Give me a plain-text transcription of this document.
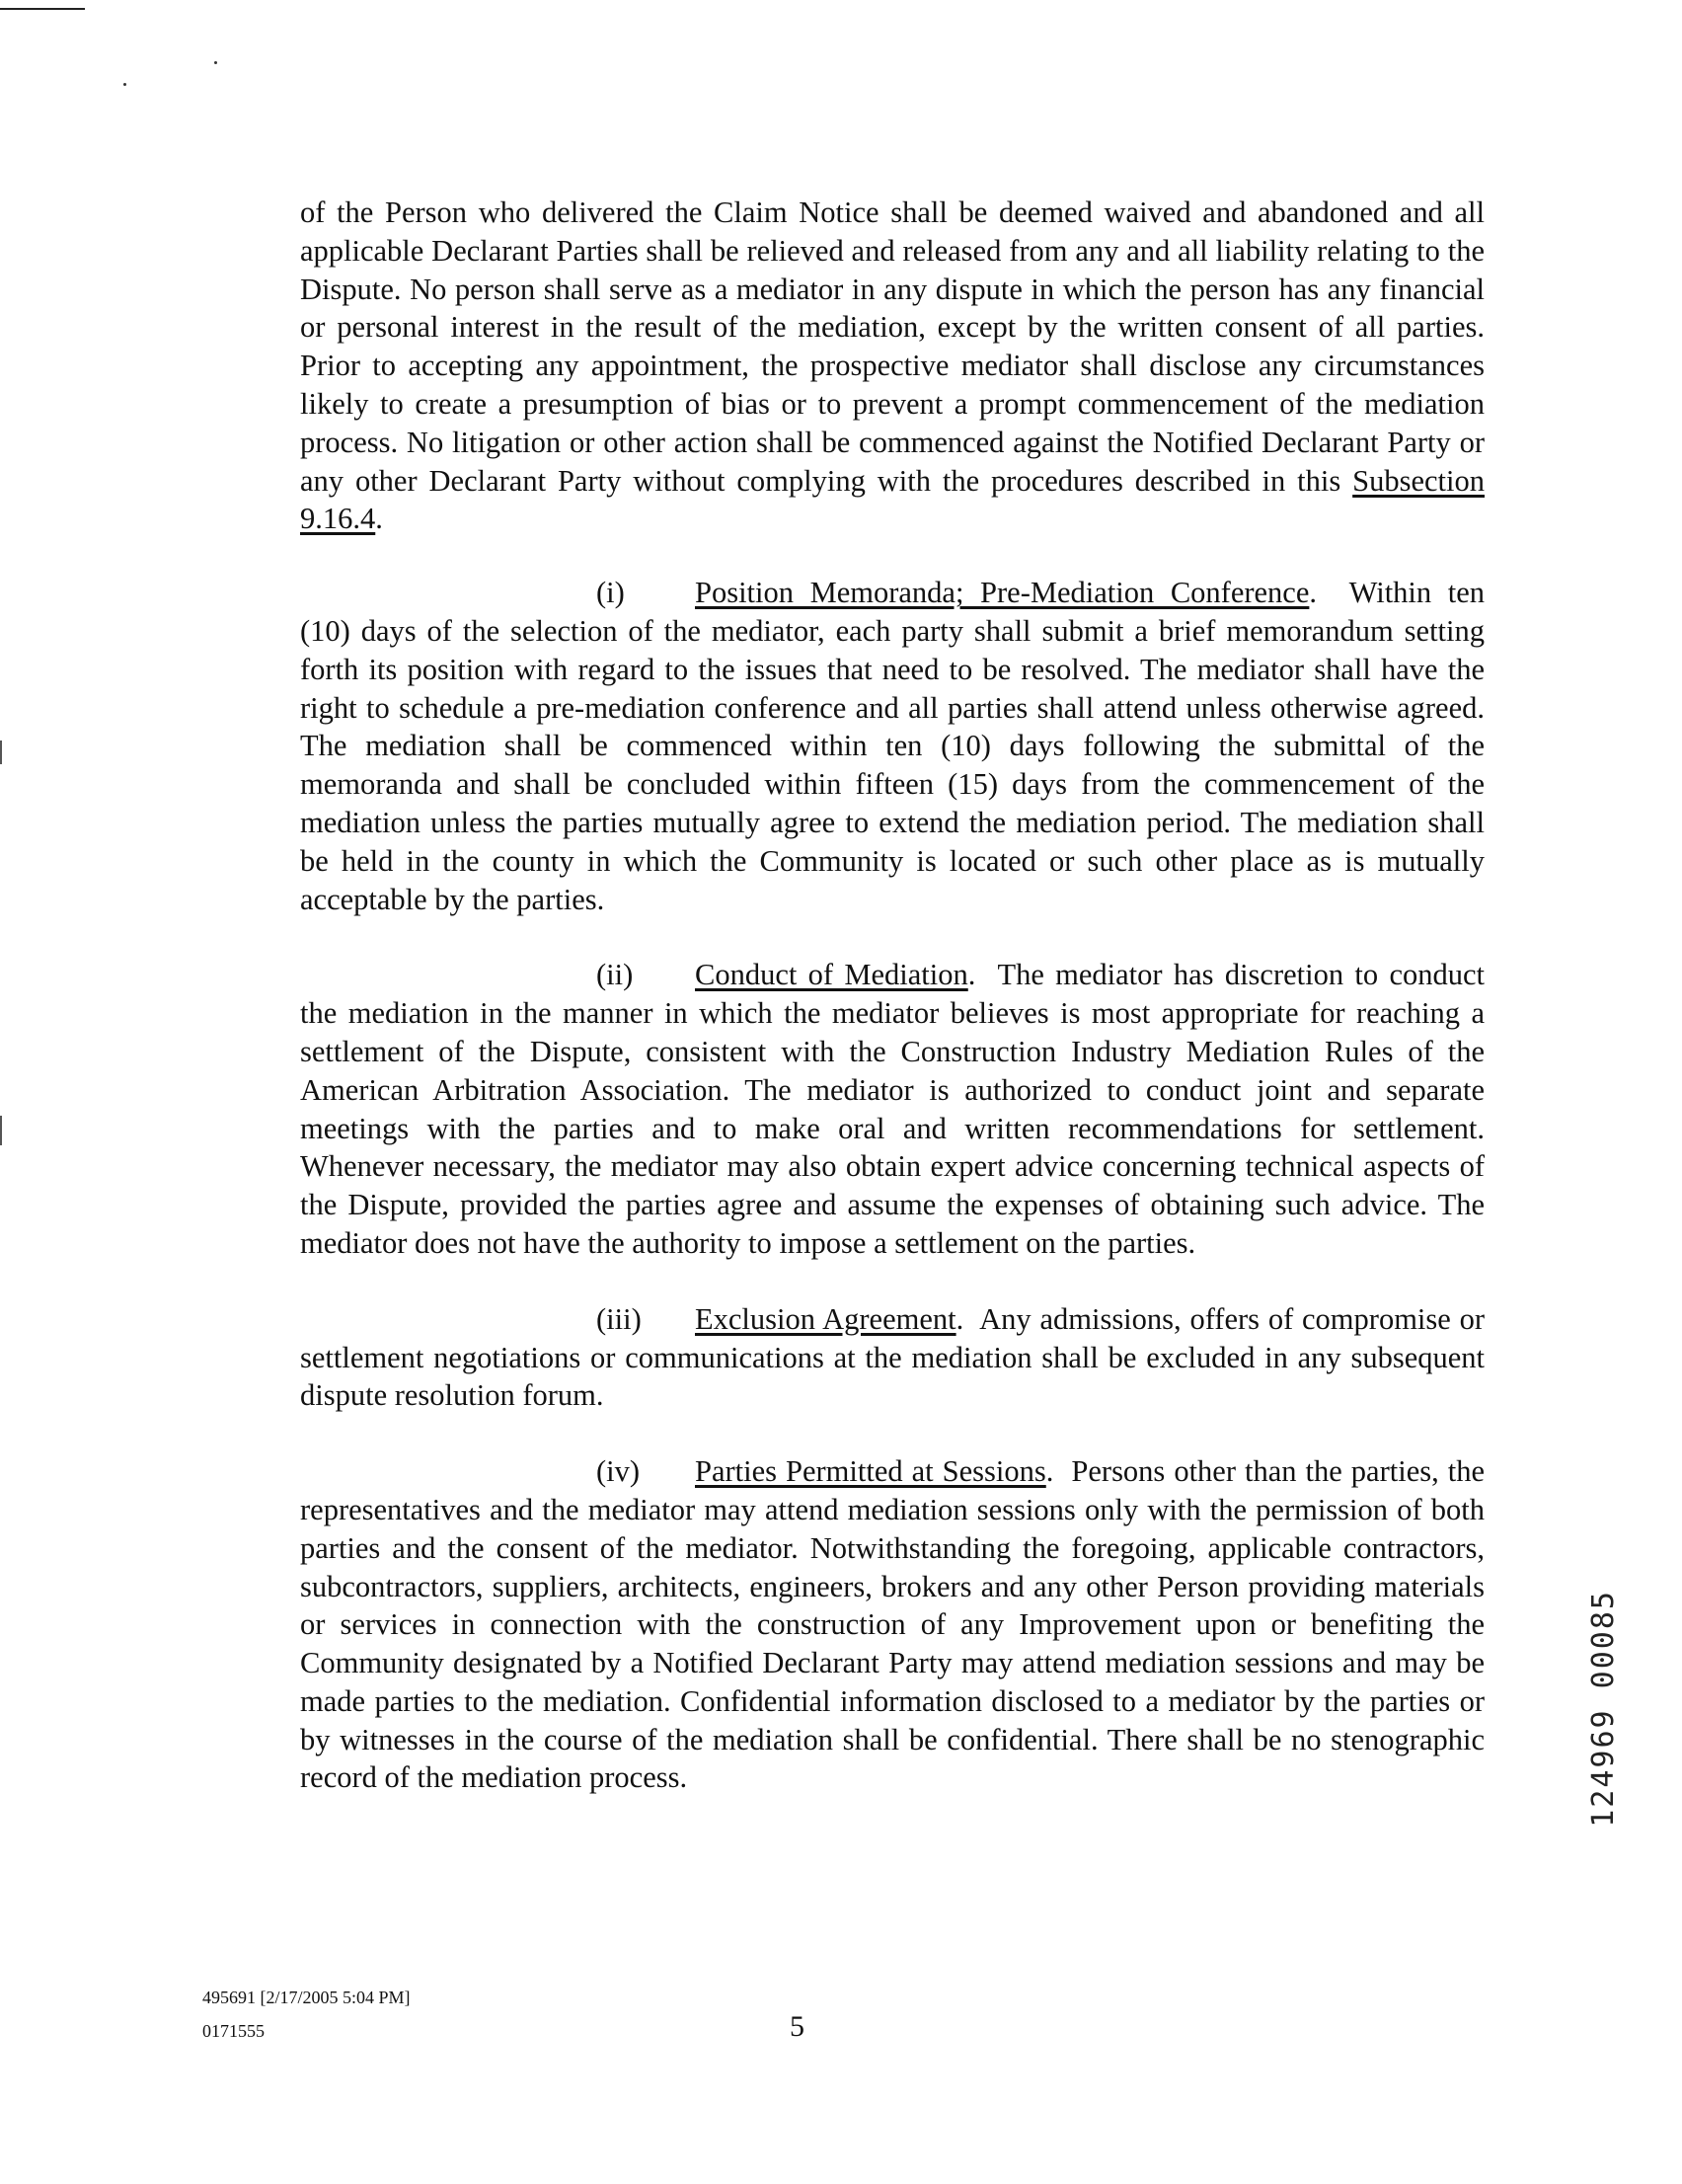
of the Person who delivered the Claim Notice shall be deemed waived and abandoned and all applicable Declarant Parties shall be relieved and released from any and all liability relating to the Dispute. No person shall serve as a mediator in any dispute in which the person has any financial or personal interest in the result of the mediation, except by the written consent of all parties. Prior to accepting any appointment, the prospective mediator shall disclose any circumstances likely to create a presumption of bias or to prevent a prompt commencement of the mediation process. No litigation or other action shall be commenced against the Notified Declarant Party or any other Declarant Party without complying with the procedures described in this Subsection 9.16.4.

(i) Position Memoranda; Pre-Mediation Conference.  Within ten (10) days of the selection of the mediator, each party shall submit a brief memorandum setting forth its position with regard to the issues that need to be resolved. The mediator shall have the right to schedule a pre-mediation conference and all parties shall attend unless otherwise agreed. The mediation shall be commenced within ten (10) days following the submittal of the memoranda and shall be concluded within fifteen (15) days from the commencement of the mediation unless the parties mutually agree to extend the mediation period. The mediation shall be held in the county in which the Community is located or such other place as is mutually acceptable by the parties.

(ii) Conduct of Mediation.  The mediator has discretion to conduct the mediation in the manner in which the mediator believes is most appropriate for reaching a settlement of the Dispute, consistent with the Construction Industry Mediation Rules of the American Arbitration Association. The mediator is authorized to conduct joint and separate meetings with the parties and to make oral and written recommendations for settlement. Whenever necessary, the mediator may also obtain expert advice concerning technical aspects of the Dispute, provided the parties agree and assume the expenses of obtaining such advice. The mediator does not have the authority to impose a settlement on the parties.

(iii) Exclusion Agreement.  Any admissions, offers of compromise or settlement negotiations or communications at the mediation shall be excluded in any subsequent dispute resolution forum.

(iv) Parties Permitted at Sessions.  Persons other than the parties, the representatives and the mediator may attend mediation sessions only with the permission of both parties and the consent of the mediator. Notwithstanding the foregoing, applicable contractors, subcontractors, suppliers, architects, engineers, brokers and any other Person providing materials or services in connection with the construction of any Improvement upon or benefiting the Community designated by a Notified Declarant Party may attend mediation sessions and may be made parties to the mediation. Confidential information disclosed to a mediator by the parties or by witnesses in the course of the mediation shall be confidential. There shall be no stenographic record of the mediation process.

495691 [2/17/2005 5:04 PM]
0171555	5
124969 00085
